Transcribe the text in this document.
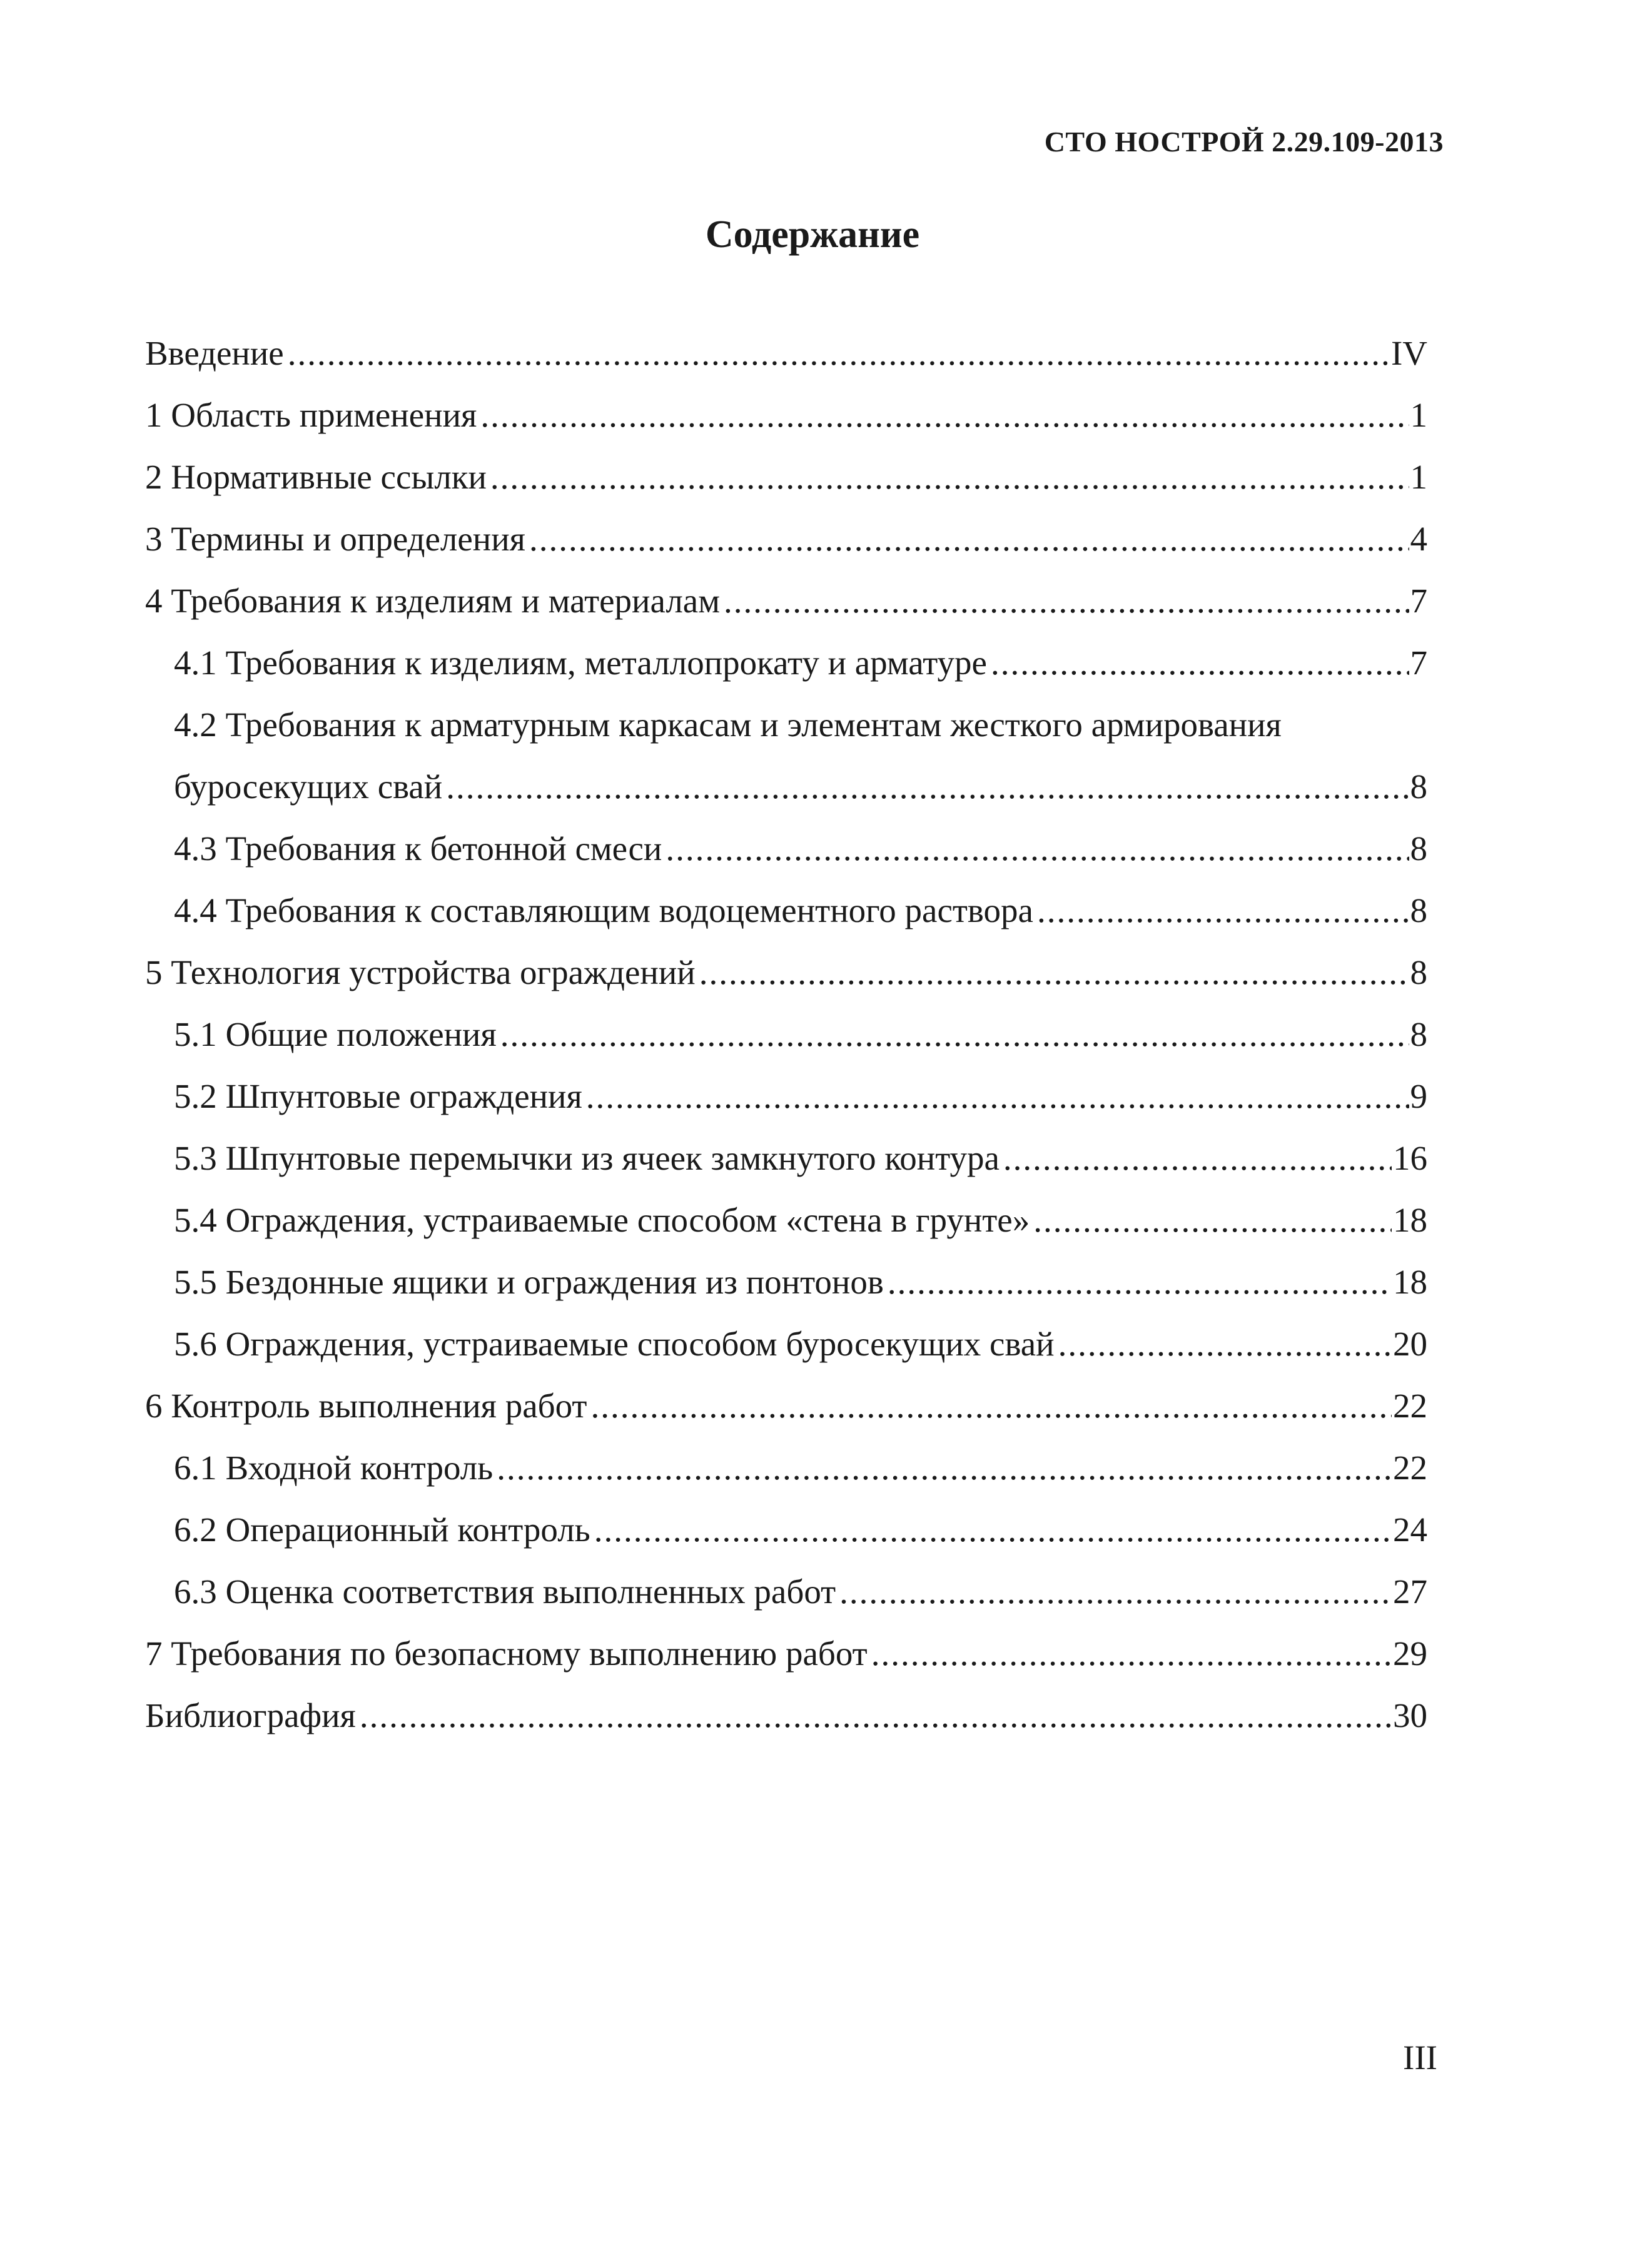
СТО НОСТРОЙ 2.29.109-2013
Содержание
Введение .....	IV
1 Область применения .....	1
2 Нормативные ссылки .....	1
3 Термины и определения .....	4
4 Требования к изделиям и материалам .....	7
4.1 Требования к изделиям, металлопрокату и арматуре .....	7
4.2 Требования к арматурным каркасам и элементам жесткого армирования
буросекущих свай .....	8
4.3 Требования к бетонной смеси .....	8
4.4 Требования к составляющим водоцементного раствора .....	8
5 Технология устройства ограждений .....	8
5.1 Общие положения .....	8
5.2 Шпунтовые ограждения .....	9
5.3 Шпунтовые перемычки из ячеек замкнутого контура .....	16
5.4 Ограждения, устраиваемые способом «стена в грунте» .....	18
5.5 Бездонные ящики и ограждения из понтонов .....	18
5.6 Ограждения, устраиваемые способом буросекущих свай .....	20
6 Контроль выполнения работ .....	22
6.1 Входной контроль .....	22
6.2 Операционный контроль .....	24
6.3 Оценка соответствия выполненных работ .....	27
7 Требования по безопасному выполнению работ .....	29
Библиография .....	30
III
